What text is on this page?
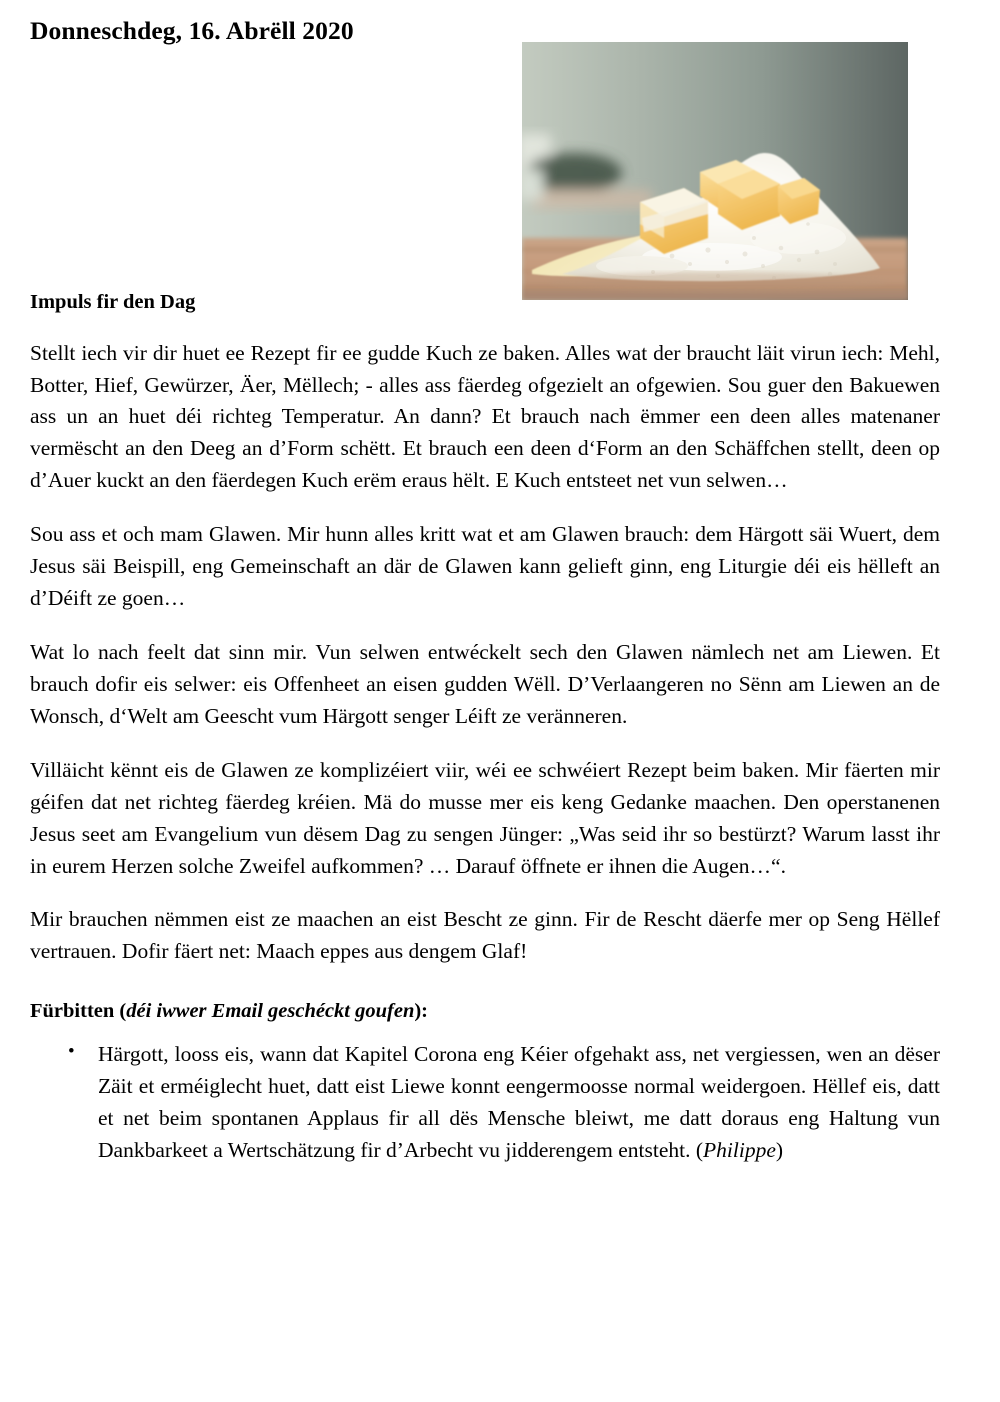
Donneschdeg, 16. Abrëll 2020
Impuls fir den Dag

Stellt iech vir dir huet ee Rezept fir ee gudde Kuch ze baken. Alles wat der braucht läit virun iech: Mehl, Botter, Hief, Gewürzer, Äer, Mëllech; - alles ass fäerdeg ofgezielt an ofgewien. Sou guer den Bakuewen ass un an huet déi richteg Temperatur. An dann? Et brauch nach ëmmer een deen alles matenaner vermëscht an den Deeg an d’Form schëtt. Et brauch een deen d‘Form an den Schäffchen stellt, deen op d’Auer kuckt an den fäerdegen Kuch erëm eraus hëlt. E Kuch entsteet net vun selwen…

Sou ass et och mam Glawen. Mir hunn alles kritt wat et am Glawen brauch: dem Härgott säi Wuert, dem Jesus säi Beispill, eng Gemeinschaft an där de Glawen kann gelieft ginn, eng Liturgie déi eis hëlleft an d’Déift ze goen…

Wat lo nach feelt dat sinn mir. Vun selwen entwéckelt sech den Glawen nämlech net am Liewen. Et brauch dofir eis selwer: eis Offenheet an eisen gudden Wëll. D’Verlaangeren no Sënn am Liewen an de Wonsch, d‘Welt am Geescht vum Härgott senger Léift ze veränneren.

Villäicht kënnt eis de Glawen ze komplizéiert viir, wéi ee schwéiert Rezept beim baken. Mir fäerten mir géifen dat net richteg fäerdeg kréien. Mä do musse mer eis keng Gedanke maachen. Den operstanenen Jesus seet am Evangelium vun dësem Dag zu sengen Jünger: „Was seid ihr so bestürzt? Warum lasst ihr in eurem Herzen solche Zweifel aufkommen? … Darauf öffnete er ihnen die Augen…“.

Mir brauchen nëmmen eist ze maachen an eist Bescht ze ginn. Fir de Rescht däerfe mer op Seng Hëllef vertrauen. Dofir fäert net: Maach eppes aus dengem Glaf!

Fürbitten (déi iwwer Email geschéckt goufen):
• Härgott, looss eis, wann dat Kapitel Corona eng Kéier ofgehakt ass, net vergiessen, wen an dëser Zäit et erméiglecht huet, datt eist Liewe konnt eengermoosse normal weidergoen. Hëllef eis, datt et net beim spontanen Applaus fir all dës Mensche bleiwt, me datt doraus eng Haltung vun Dankbarkeet a Wertschätzung fir d’Arbecht vu jidderengem entsteht. (Philippe)
